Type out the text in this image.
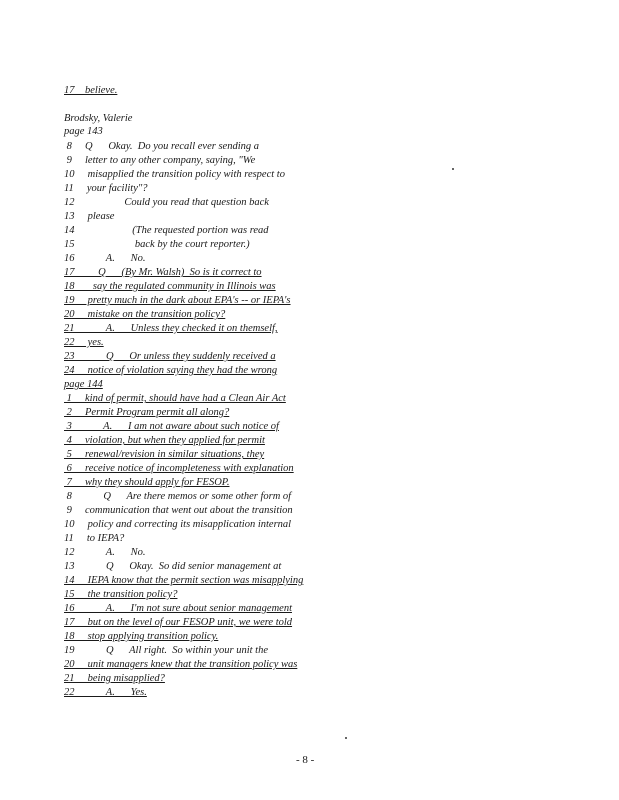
17    believe.
Brodsky, Valerie
page 143
8     Q      Okay.  Do you recall ever sending a
9     letter to any other company, saying, "We
10     misapplied the transition policy with respect to
11     your facility"?
12                   Could you read that question back
13     please
14                      (The requested portion was read
15                       back by the court reporter.)
16            A.      No.
17 ___  Q      (By Mr. Walsh)  So is it correct to
18 __  say the regulated community in Illinois was
19     pretty much in the dark about EPA's -- or IEPA's
20     mistake on the transition policy?
21            A.      Unless they checked it on themself,
22     yes.
23            Q      Or unless they suddenly received a
24     notice of violation saying they had the wrong
page 144
1     kind of permit, should have had a Clean Air Act
2     Permit Program permit all along?
3            A.      I am not aware about such notice of
4     violation, but when they applied for permit
5     renewal/revision in similar situations, they
6     receive notice of incompleteness with explanation
7     why they should apply for FESOP.
8            Q      Are there memos or some other form of
9     communication that went out about the transition
10     policy and correcting its misapplication internal
11     to IEPA?
12            A.      No.
13            Q      Okay.  So did senior management at
14     IEPA know that the permit section was misapplying
15     the transition policy?
16            A.      I'm not sure about senior management
17     but on the level of our FESOP unit, we were told
18     stop applying transition policy.
19            Q      All right.  So within your unit the
20     unit managers knew that the transition policy was
21     being misapplied?
22            A.      Yes.
- 8 -
